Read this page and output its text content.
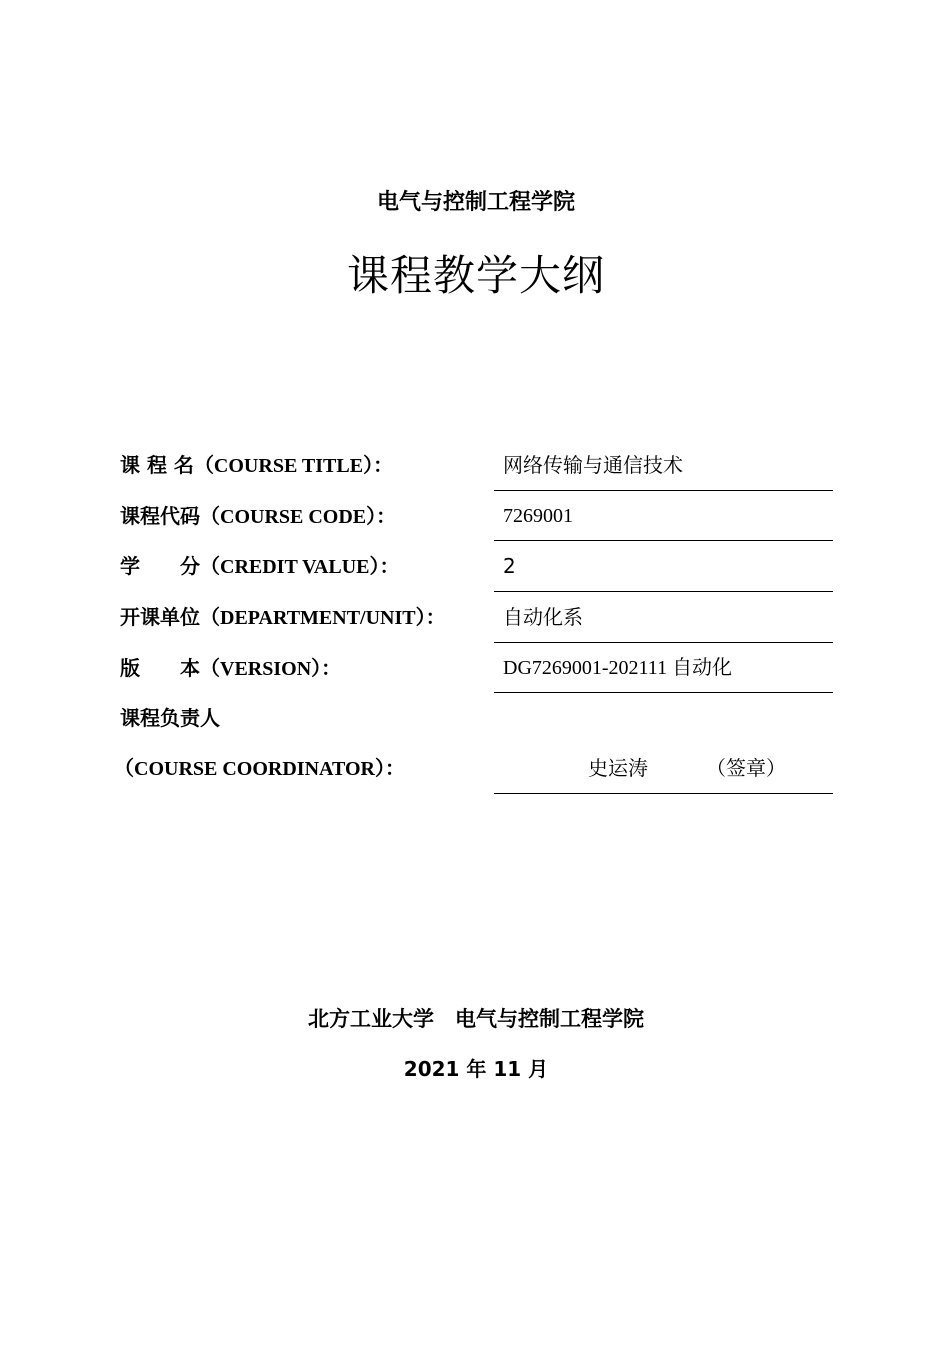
电气与控制工程学院
课程教学大纲
课 程 名（COURSE TITLE）：	网络传输与通信技术
课程代码（COURSE CODE）：	7269001
学　　分（CREDIT VALUE）：	2
开课单位（DEPARTMENT/UNIT）：	自动化系
版　　本（VERSION）：	DG7269001-202111 自动化
课程负责人
（COURSE COORDINATOR）：	史运涛	（签章）
北方工业大学　电气与控制工程学院
2021 年 11 月
